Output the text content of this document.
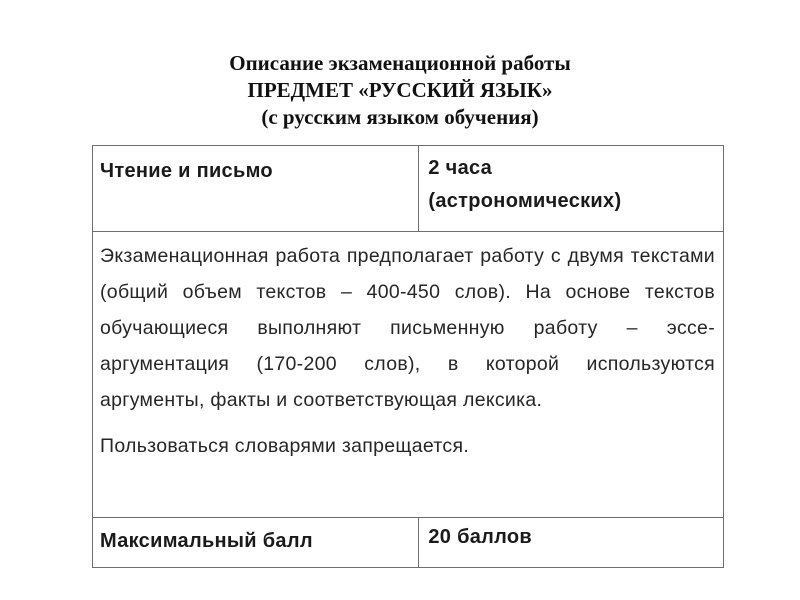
Описание экзаменационной работы
ПРЕДМЕТ «РУССКИЙ ЯЗЫК»
(с русским языком обучения)
Чтение и письмо	2 часа
(астрономических)

Экзаменационная работа предполагает работу с двумя текстами (общий объем текстов – 400-450 слов). На основе текстов обучающиеся выполняют письменную работу – эссе-аргументация (170-200 слов), в которой используются аргументы, факты и соответствующая лексика.

Пользоваться словарями запрещается.	

Максимальный балл	20 баллов
